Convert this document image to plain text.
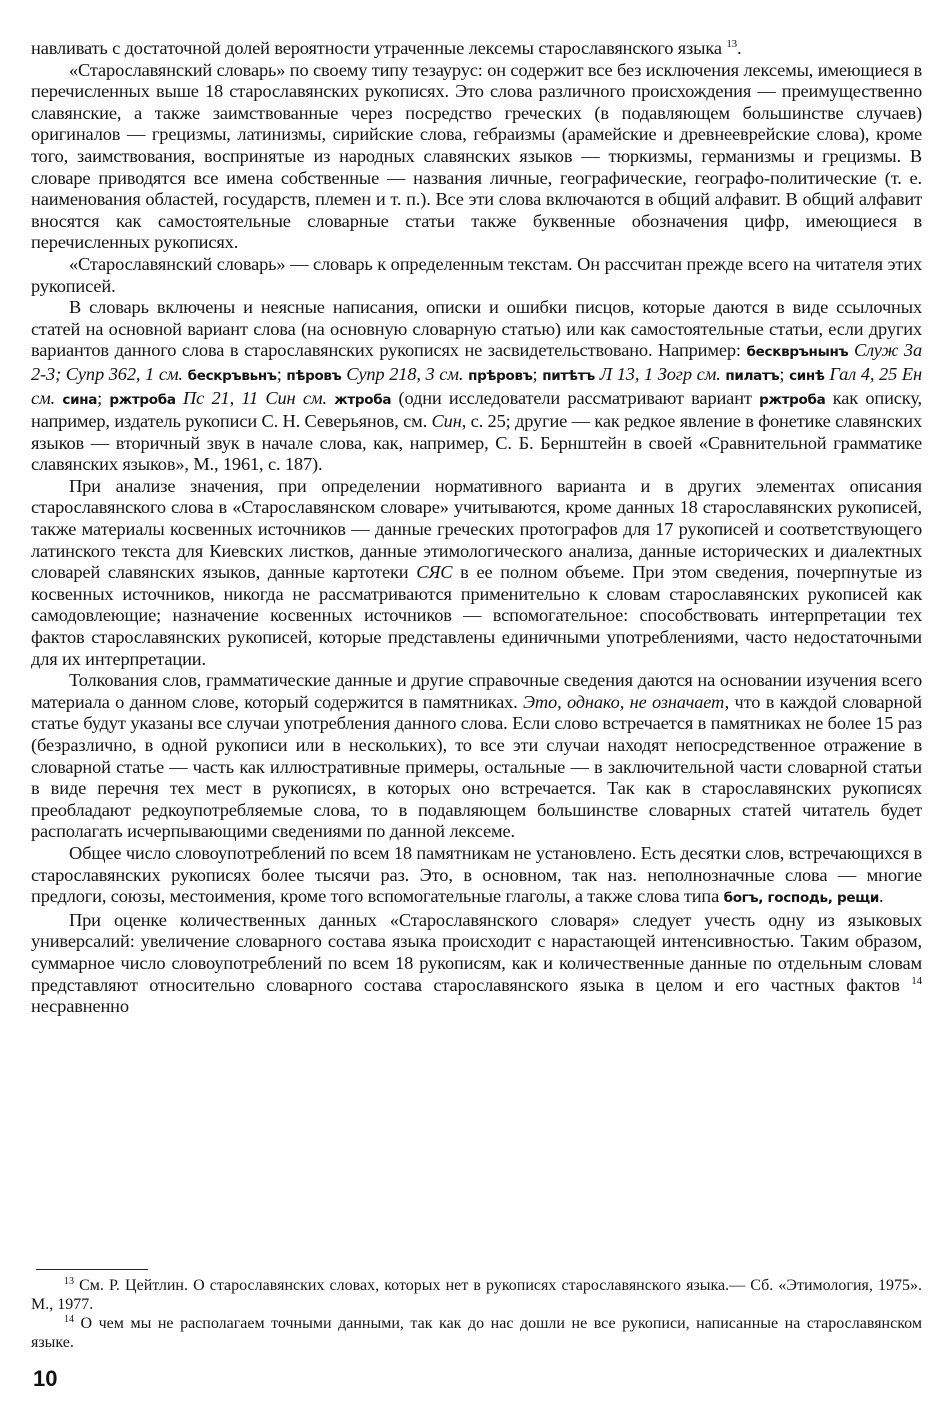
навливать с достаточной долей вероятности утраченные лексемы старославянского языка $^{13}$.

«Старославянский словарь» по своему типу тезаурус: он содержит все без исключения лексемы, имеющиеся в перечисленных выше 18 старославянских рукописях. Это слова различного происхождения — преимущественно славянские, а также заимствованные через посредство греческих (в подавляющем большинстве случаев) оригиналов — грецизмы, латинизмы, сирийские слова, гебраизмы (арамейские и древнееврейские слова), кроме того, заимствования, воспринятые из народных славянских языков — тюркизмы, германизмы и грецизмы. В словаре приводятся все имена собственные — названия личные, географические, географо-политические (т. е. наименования областей, государств, племен и т. п.). Все эти слова включаются в общий алфавит. В общий алфавит вносятся как самостоятельные словарные статьи также буквенные обозначения цифр, имеющиеся в перечисленных рукописях.

«Старославянский словарь» — словарь к определенным текстам. Он рассчитан прежде всего на читателя этих рукописей.

В словарь включены и неясные написания, описки и ошибки писцов, которые даются в виде ссылочных статей на основной вариант слова (на основную словарную статью) или как самостоятельные статьи, если других вариантов данного слова в старославянских рукописях не засвидетельствовано. Например: бескврънынъ Служ 3а 2-3; Супр 362, 1 см. бескръвьнъ; пѣровъ Супр 218, 3 см. прѣровъ; питѣтъ Л 13, 1 Зогр см. пилатъ; синѣ Гал 4, 25 Ен см. сина; ржтроба Пс 21, 11 Син см. жтроба (одни исследователи рассматривают вариант ржтроба как описку, например, издатель рукописи С. Н. Северьянов, см. Син, с. 25; другие — как редкое явление в фонетике славянских языков — вторичный звук в начале слова, как, например, С. Б. Бернштейн в своей «Сравнительной грамматике славянских языков», М., 1961, с. 187).

При анализе значения, при определении нормативного варианта и в других элементах описания старославянского слова в «Старославянском словаре» учитываются, кроме данных 18 старославянских рукописей, также материалы косвенных источников — данные греческих протографов для 17 рукописей и соответствующего латинского текста для Киевских листков, данные этимологического анализа, данные исторических и диалектных словарей славянских языков, данные картотеки СЯС в ее полном объеме. При этом сведения, почерпнутые из косвенных источников, никогда не рассматриваются применительно к словам старославянских рукописей как самодовлеющие; назначение косвенных источников — вспомогательное: способствовать интерпретации тех фактов старославянских рукописей, которые представлены единичными употреблениями, часто недостаточными для их интерпретации.

Толкования слов, грамматические данные и другие справочные сведения даются на основании изучения всего материала о данном слове, который содержится в памятниках. Это, однако, не означает, что в каждой словарной статье будут указаны все случаи употребления данного слова. Если слово встречается в памятниках не более 15 раз (безразлично, в одной рукописи или в нескольких), то все эти случаи находят непосредственное отражение в словарной статье — часть как иллюстративные примеры, остальные — в заключительной части словарной статьи в виде перечня тех мест в рукописях, в которых оно встречается. Так как в старославянских рукописях преобладают редкоупотребляемые слова, то в подавляющем большинстве словарных статей читатель будет располагать исчерпывающими сведениями по данной лексеме.

Общее число словоупотреблений по всем 18 памятникам не установлено. Есть десятки слов, встречающихся в старославянских рукописях более тысячи раз. Это, в основном, так наз. неполнозначные слова — многие предлоги, союзы, местоимения, кроме того вспомогательные глаголы, а также слова типа богъ, господь, рещи.

При оценке количественных данных «Старославянского словаря» следует учесть одну из языковых универсалий: увеличение словарного состава языка происходит с нарастающей интенсивностью. Таким образом, суммарное число словоупотреблений по всем 18 рукописям, как и количественные данные по отдельным словам представляют относительно словарного состава старославянского языка в целом и его частных фактов $^{14}$ несравненно

$^{13}$ См. Р. Цейтлин. О старославянских словах, которых нет в рукописях старославянского языка.— Сб. «Этимология, 1975». М., 1977.

$^{14}$ О чем мы не располагаем точными данными, так как до нас дошли не все рукописи, написанные на старославянском языке.

10
